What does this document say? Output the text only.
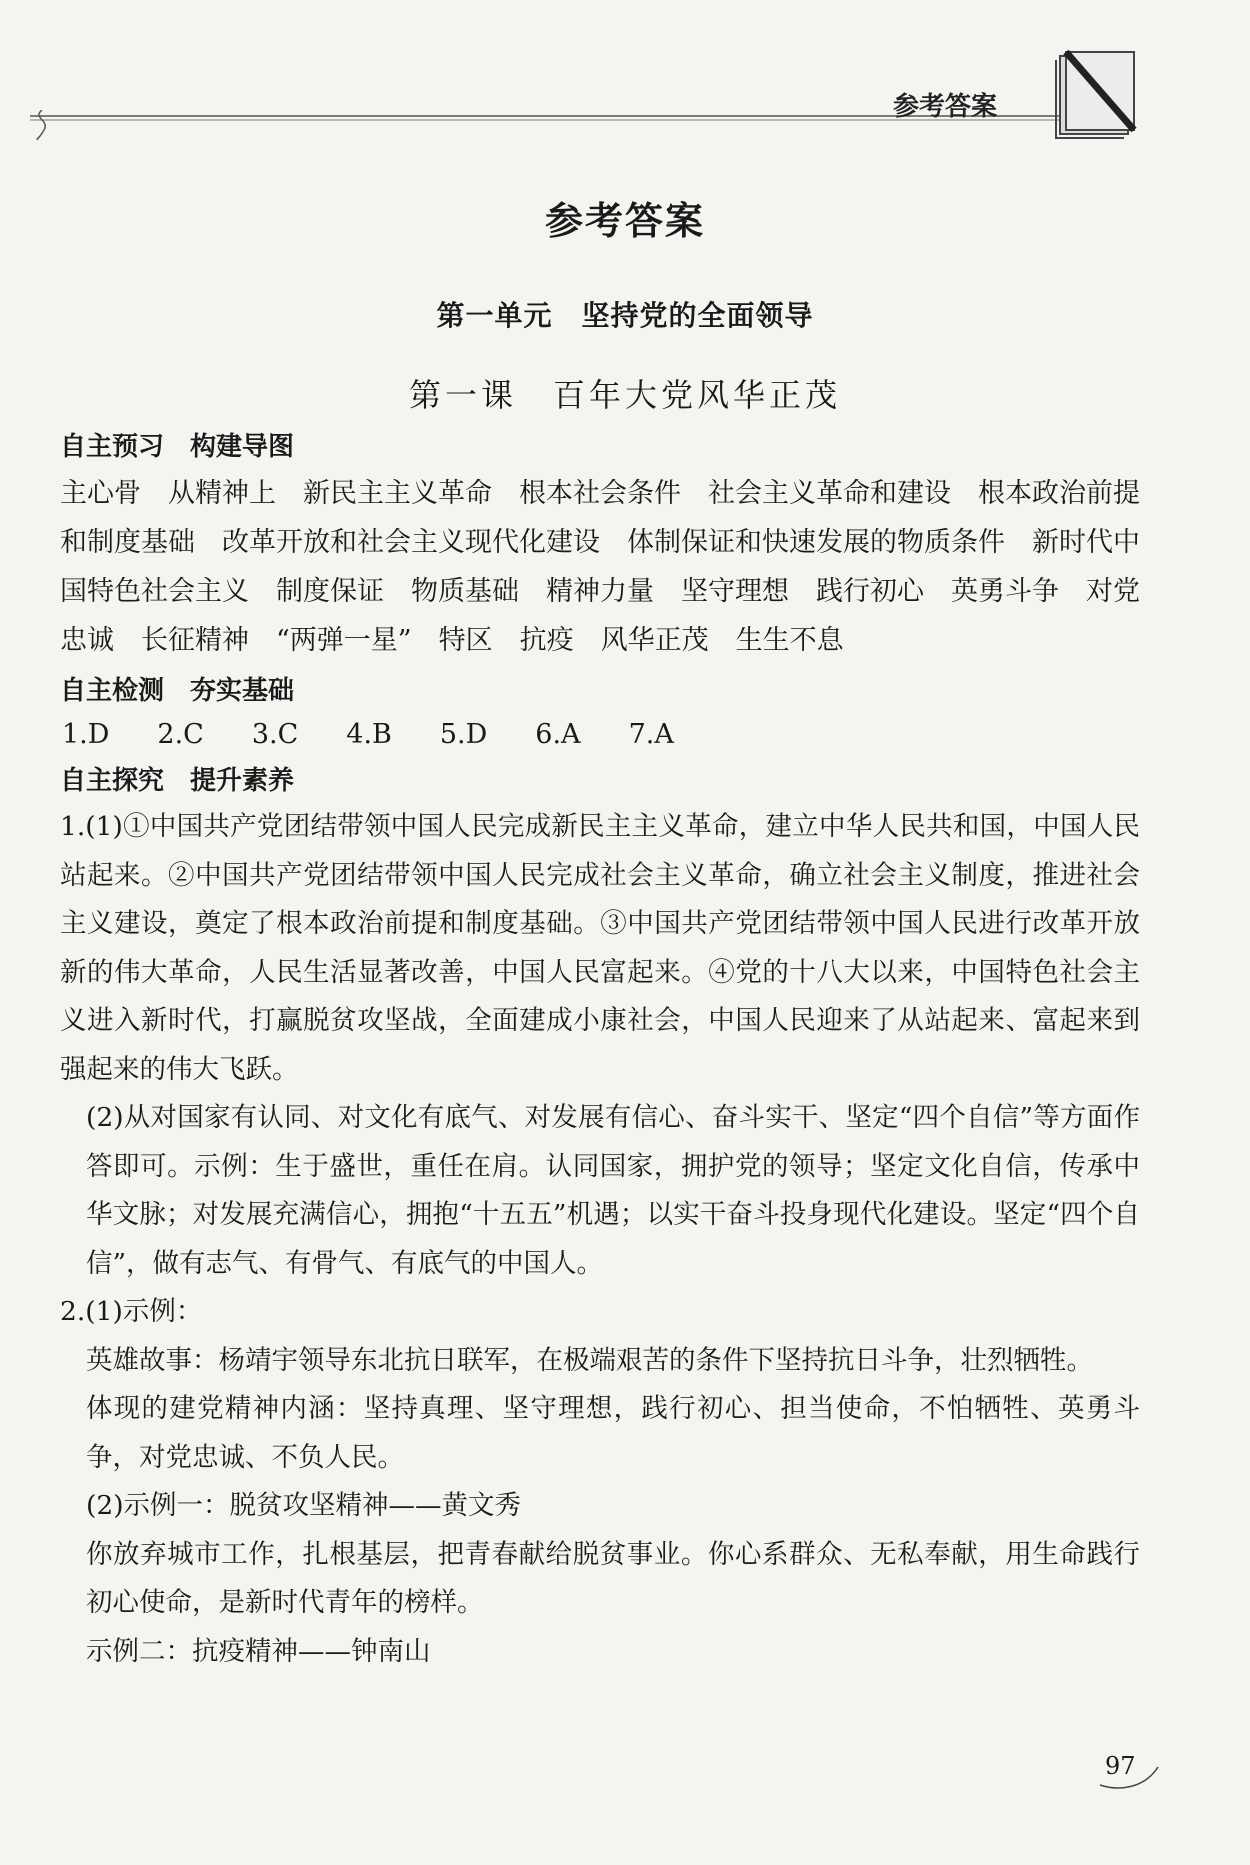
参考答案
参考答案
第一单元　坚持党的全面领导
第一课　百年大党风华正茂
自主预习　构建导图
主心骨　从精神上　新民主主义革命　根本社会条件　社会主义革命和建设　根本政治前提和制度基础　改革开放和社会主义现代化建设　体制保证和快速发展的物质条件　新时代中国特色社会主义　制度保证　物质基础　精神力量　坚守理想　践行初心　英勇斗争　对党忠诚　长征精神　“两弹一星”　特区　抗疫　风华正茂　生生不息
自主检测　夯实基础
1.D 2.C 3.C 4.B 5.D 6.A 7.A
自主探究　提升素养
1.(1)①中国共产党团结带领中国人民完成新民主主义革命，建立中华人民共和国，中国人民站起来。②中国共产党团结带领中国人民完成社会主义革命，确立社会主义制度，推进社会主义建设，奠定了根本政治前提和制度基础。③中国共产党团结带领中国人民进行改革开放新的伟大革命，人民生活显著改善，中国人民富起来。④党的十八大以来，中国特色社会主义进入新时代，打赢脱贫攻坚战，全面建成小康社会，中国人民迎来了从站起来、富起来到强起来的伟大飞跃。
(2)从对国家有认同、对文化有底气、对发展有信心、奋斗实干、坚定“四个自信”等方面作答即可。示例：生于盛世，重任在肩。认同国家，拥护党的领导；坚定文化自信，传承中华文脉；对发展充满信心，拥抱“十五五”机遇；以实干奋斗投身现代化建设。坚定“四个自信”，做有志气、有骨气、有底气的中国人。
2.(1)示例：
英雄故事：杨靖宇领导东北抗日联军，在极端艰苦的条件下坚持抗日斗争，壮烈牺牲。
体现的建党精神内涵：坚持真理、坚守理想，践行初心、担当使命，不怕牺牲、英勇斗争，对党忠诚、不负人民。
(2)示例一：脱贫攻坚精神——黄文秀
你放弃城市工作，扎根基层，把青春献给脱贫事业。你心系群众、无私奉献，用生命践行初心使命，是新时代青年的榜样。
示例二：抗疫精神——钟南山
97
